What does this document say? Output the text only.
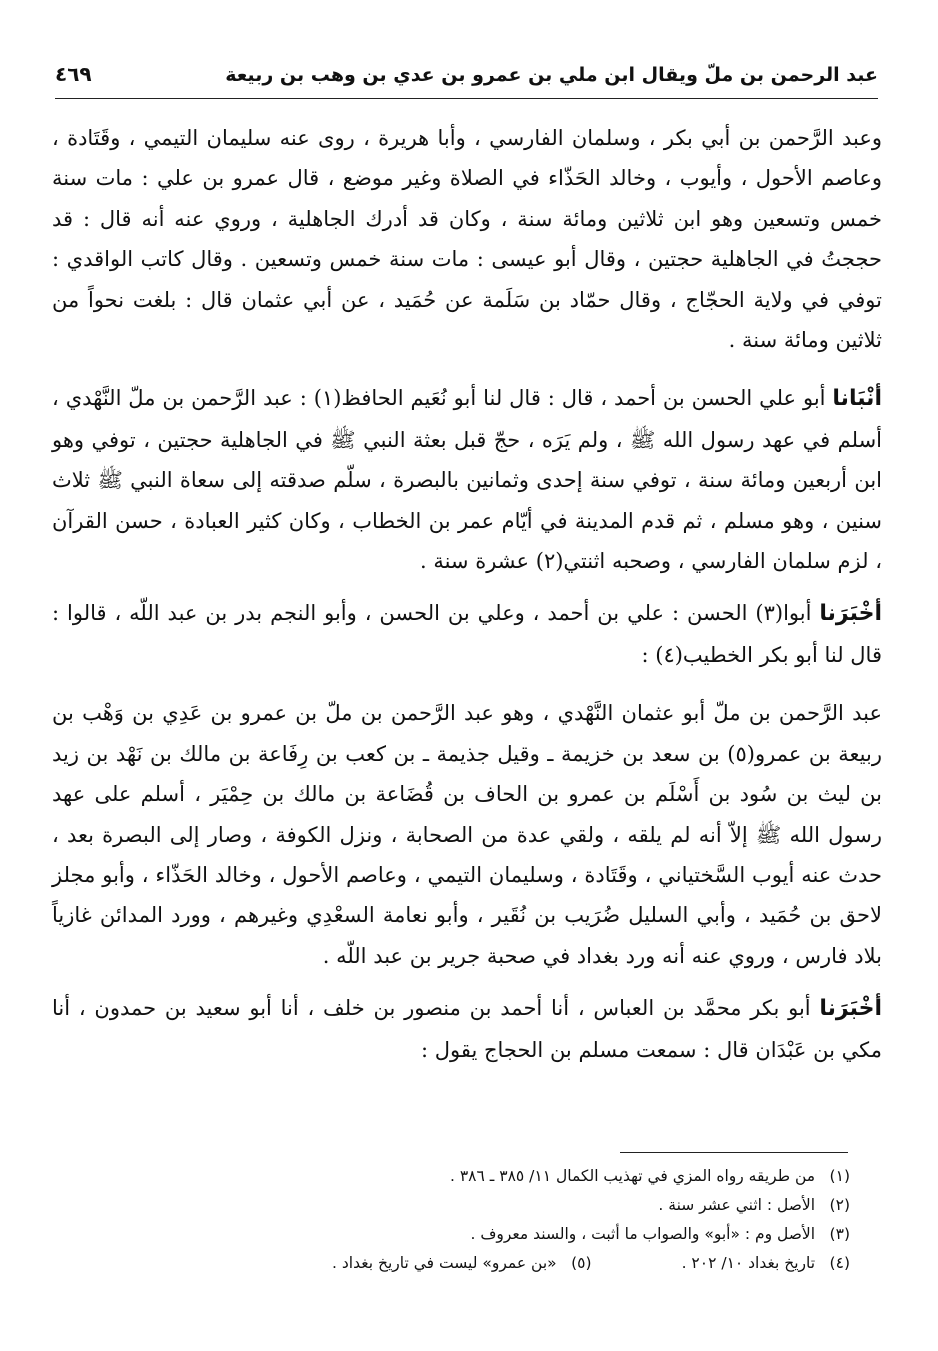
عبد الرحمن بن ملّ ويقال ابن ملي بن عمرو بن عدي بن وهب بن ربيعة
٤٦٩

وعبد الرَّحمن بن أبي بكر ، وسلمان الفارسي ، وأبا هريرة ، روى عنه سليمان التيمي ، وقَتَادة ، وعاصم الأحول ، وأيوب ، وخالد الحَذّاء في الصلاة وغير موضع ، قال عمرو بن علي : مات سنة خمس وتسعين وهو ابن ثلاثين ومائة سنة ، وكان قد أدرك الجاهلية ، وروي عنه أنه قال : قد حججتُ في الجاهلية حجتين ، وقال أبو عيسى : مات سنة خمس وتسعين . وقال كاتب الواقدي : توفي في ولاية الحجّاج ، وقال حمّاد بن سَلَمة عن حُمَيد ، عن أبي عثمان قال : بلغت نحواً من ثلاثين ومائة سنة .

أنْبَانا أبو علي الحسن بن أحمد ، قال : قال لنا أبو نُعَيم الحافظ(١) : عبد الرَّحمن بن ملّ النَّهْدي ، أسلم في عهد رسول الله ﷺ ، ولم يَرَه ، حجّ قبل بعثة النبي ﷺ في الجاهلية حجتين ، توفي وهو ابن أربعين ومائة سنة ، توفي سنة إحدى وثمانين بالبصرة ، سلّم صدقته إلى سعاة النبي ﷺ ثلاث سنين ، وهو مسلم ، ثم قدم المدينة في أيّام عمر بن الخطاب ، وكان كثير العبادة ، حسن القرآن ، لزم سلمان الفارسي ، وصحبه اثنتي(٢) عشرة سنة .

أخْبَرَنا أبوا(٣) الحسن : علي بن أحمد ، وعلي بن الحسن ، وأبو النجم بدر بن عبد اللّه ، قالوا : قال لنا أبو بكر الخطيب(٤) :

عبد الرَّحمن بن ملّ أبو عثمان النَّهْدي ، وهو عبد الرَّحمن بن ملّ بن عمرو بن عَدِي بن وَهْب بن ربيعة بن عمرو(٥) بن سعد بن خزيمة ـ وقيل جذيمة ـ بن كعب بن رِفَاعة بن مالك بن نَهْد بن زيد بن ليث بن سُود بن أَسْلَم بن عمرو بن الحاف بن قُضَاعة بن مالك بن حِمْيَر ، أسلم على عهد رسول الله ﷺ إلاّ أنه لم يلقه ، ولقي عدة من الصحابة ، ونزل الكوفة ، وصار إلى البصرة بعد ، حدث عنه أيوب السَّختياني ، وقَتَادة ، وسليمان التيمي ، وعاصم الأحول ، وخالد الحَذّاء ، وأبو مجلز لاحق بن حُمَيد ، وأبي السليل ضُرَيب بن نُقَير ، وأبو نعامة السعْدِي وغيرهم ، وورد المدائن غازياً بلاد فارس ، وروي عنه أنه ورد بغداد في صحبة جرير بن عبد اللّه .

أخْبَرَنا أبو بكر محمَّد بن العباس ، أنا أحمد بن منصور بن خلف ، أنا أبو سعيد بن حمدون ، أنا مكي بن عَبْدَان قال : سمعت مسلم بن الحجاج يقول :

(١) من طريقه رواه المزي في تهذيب الكمال ١١/ ٣٨٥ ـ ٣٨٦ .
(٢) الأصل : اثني عشر سنة .
(٣) الأصل وم : «أبو» والصواب ما أثبت ، والسند معروف .
(٤) تاريخ بغداد ١٠/ ٢٠٢ .
(٥) «بن عمرو» ليست في تاريخ بغداد .
